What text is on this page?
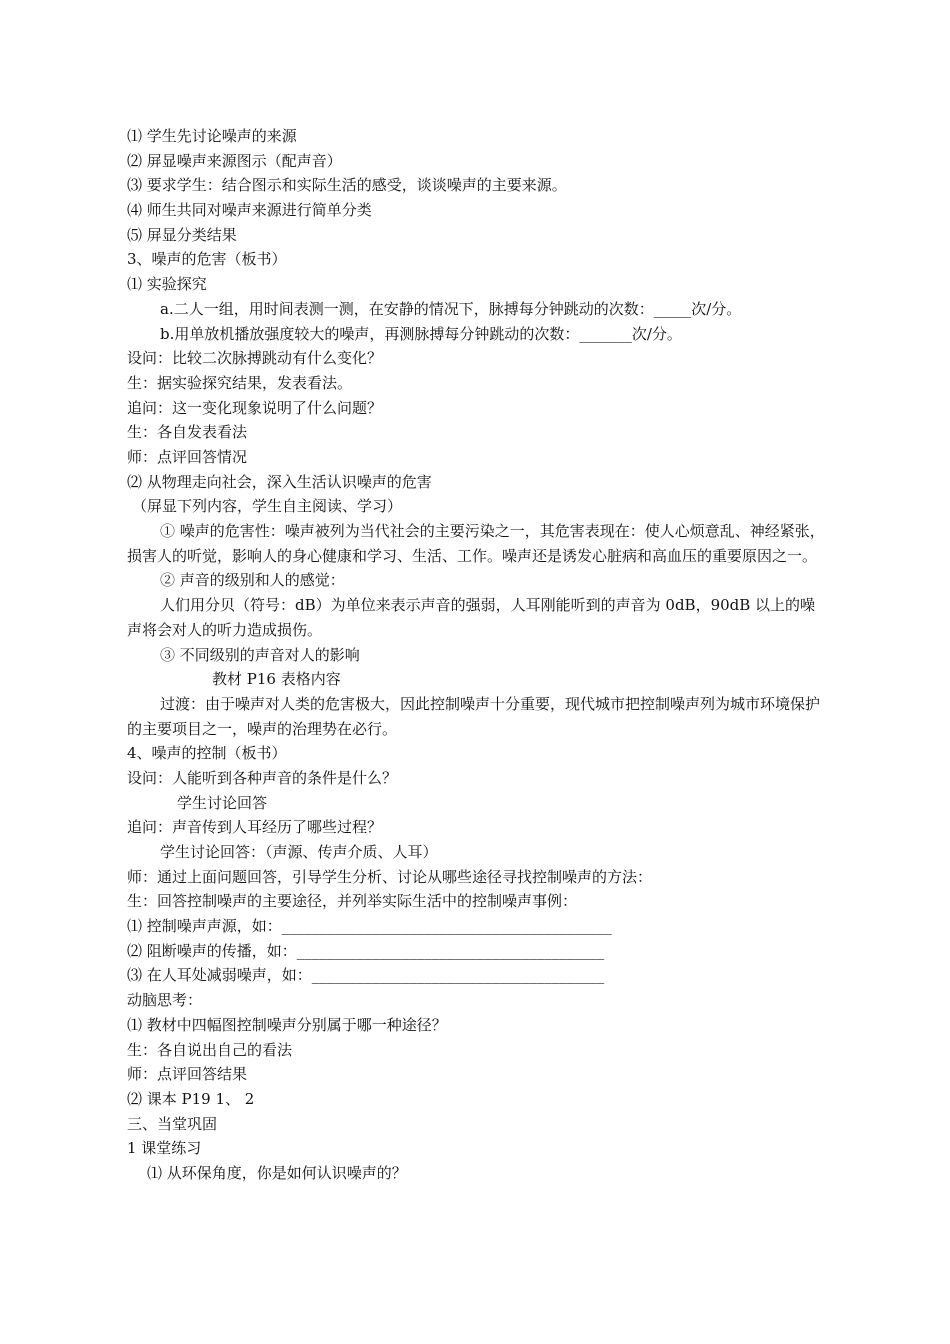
⑴ 学生先讨论噪声的来源
⑵ 屏显噪声来源图示（配声音）
⑶ 要求学生：结合图示和实际生活的感受，谈谈噪声的主要来源。
⑷ 师生共同对噪声来源进行简单分类
⑸ 屏显分类结果
3、噪声的危害（板书）
⑴ 实验探究
a.二人一组，用时间表测一测，在安静的情况下，脉搏每分钟跳动的次数：_____次/分。
b.用单放机播放强度较大的噪声，再测脉搏每分钟跳动的次数：_______次/分。
设问：比较二次脉搏跳动有什么变化？
生：据实验探究结果，发表看法。
追问：这一变化现象说明了什么问题？
生：各自发表看法
师：点评回答情况
⑵ 从物理走向社会，深入生活认识噪声的危害
（屏显下列内容，学生自主阅读、学习）
① 噪声的危害性：噪声被列为当代社会的主要污染之一，其危害表现在：使人心烦意乱、神经紧张，损害人的听觉，影响人的身心健康和学习、生活、工作。噪声还是诱发心脏病和高血压的重要原因之一。
② 声音的级别和人的感觉：
人们用分贝（符号：dB）为单位来表示声音的强弱，人耳刚能听到的声音为 0dB，90dB 以上的噪声将会对人的听力造成损伤。
③ 不同级别的声音对人的影响
教材 P16 表格内容
过渡：由于噪声对人类的危害极大，因此控制噪声十分重要，现代城市把控制噪声列为城市环境保护的主要项目之一，噪声的治理势在必行。
4、噪声的控制（板书）
设问：人能听到各种声音的条件是什么？
学生讨论回答
追问：声音传到人耳经历了哪些过程？
学生讨论回答：（声源、传声介质、人耳）
师：通过上面问题回答，引导学生分析、讨论从哪些途径寻找控制噪声的方法：
生：回答控制噪声的主要途径，并列举实际生活中的控制噪声事例：
⑴ 控制噪声声源，如：____________________________________________
⑵ 阻断噪声的传播，如：_________________________________________
⑶ 在人耳处减弱噪声，如：_______________________________________
动脑思考：
⑴ 教材中四幅图控制噪声分别属于哪一种途径？
生：各自说出自己的看法
师：点评回答结果
⑵ 课本 P19 1、 2
三、当堂巩固
1 课堂练习
⑴ 从环保角度，你是如何认识噪声的？
